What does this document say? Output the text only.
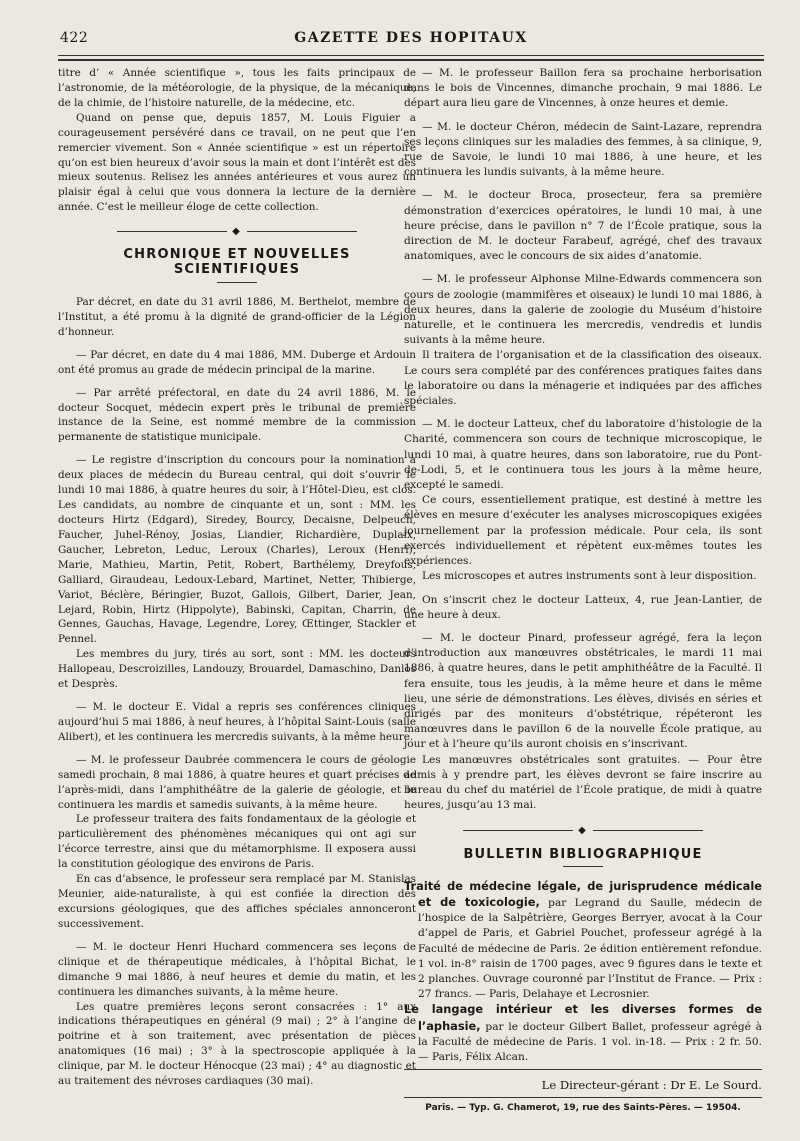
422	GAZETTE DES HOPITAUX

titre d’ « Année scientifique », tous les faits principaux de l’astronomie, de la météorologie, de la physique, de la mécanique, de la chimie, de l’histoire naturelle, de la médecine, etc.

Quand on pense que, depuis 1857, M. Louis Figuier a courageusement persévéré dans ce travail, on ne peut que l’en remercier vivement. Son « Année scientifique » est un répertoire qu’on est bien heureux d’avoir sous la main et dont l’intérêt est des mieux soutenus. Relisez les années antérieures et vous aurez un plaisir égal à celui que vous donnera la lecture de la dernière année. C’est le meilleur éloge de cette collection.

◆
CHRONIQUE ET NOUVELLES SCIENTIFIQUES

Par décret, en date du 31 avril 1886, M. Berthelot, membre de l’Institut, a été promu à la dignité de grand-officier de la Légion d’honneur.

— Par décret, en date du 4 mai 1886, MM. Duberge et Ardouin ont été promus au grade de médecin principal de la marine.

— Par arrêté préfectoral, en date du 24 avril 1886, M. le docteur Socquet, médecin expert près le tribunal de première instance de la Seine, est nommé membre de la commission permanente de statistique municipale.

— Le registre d’inscription du concours pour la nomination à deux places de médecin du Bureau central, qui doit s’ouvrir le lundi 10 mai 1886, à quatre heures du soir, à l’Hôtel-Dieu, est clos. Les candidats, au nombre de cinquante et un, sont : MM. les docteurs Hirtz (Edgard), Siredey, Bourcy, Decaisne, Delpeuch, Faucher, Juhel-Rénoy, Josias, Liandier, Richardière, Duplaix, Gaucher, Lebreton, Leduc, Leroux (Charles), Leroux (Henri), Marie, Mathieu, Martin, Petit, Robert, Barthélemy, Dreyfous, Galliard, Giraudeau, Ledoux-Lebard, Martinet, Netter, Thibierge, Variot, Béclère, Béringier, Buzot, Gallois, Gilbert, Darier, Jean, Lejard, Robin, Hirtz (Hippolyte), Babinski, Capitan, Charrin, de Gennes, Gauchas, Havage, Legendre, Lorey, Œttinger, Stackler et Pennel.

Les membres du jury, tirés au sort, sont : MM. les docteurs Hallopeau, Descroizilles, Landouzy, Brouardel, Damaschino, Danlos et Desprès.

— M. le docteur E. Vidal a repris ses conférences cliniques aujourd’hui 5 mai 1886, à neuf heures, à l’hôpital Saint-Louis (salle Alibert), et les continuera les mercredis suivants, à la même heure.

— M. le professeur Daubrée commencera le cours de géologie samedi prochain, 8 mai 1886, à quatre heures et quart précises de l’après-midi, dans l’amphithéâtre de la galerie de géologie, et le continuera les mardis et samedis suivants, à la même heure.

Le professeur traitera des faits fondamentaux de la géologie et particulièrement des phénomènes mécaniques qui ont agi sur l’écorce terrestre, ainsi que du métamorphisme. Il exposera aussi la constitution géologique des environs de Paris.

En cas d’absence, le professeur sera remplacé par M. Stanislas Meunier, aide-naturaliste, à qui est confiée la direction des excursions géologiques, que des affiches spéciales annonceront successivement.

— M. le docteur Henri Huchard commencera ses leçons de clinique et de thérapeutique médicales, à l’hôpital Bichat, le dimanche 9 mai 1886, à neuf heures et demie du matin, et les continuera les dimanches suivants, à la même heure.

Les quatre premières leçons seront consacrées : 1° aux indications thérapeutiques en général (9 mai) ; 2° à l’angine de poitrine et à son traitement, avec présentation de pièces anatomiques (16 mai) ; 3° à la spectroscopie appliquée à la clinique, par M. le docteur Hénocque (23 mai) ; 4° au diagnostic et au traitement des névroses cardiaques (30 mai).

— M. le professeur Baillon fera sa prochaine herborisation dans le bois de Vincennes, dimanche prochain, 9 mai 1886. Le départ aura lieu gare de Vincennes, à onze heures et demie.

— M. le docteur Chéron, médecin de Saint-Lazare, reprendra ses leçons cliniques sur les maladies des femmes, à sa clinique, 9, rue de Savoie, le lundi 10 mai 1886, à une heure, et les continuera les lundis suivants, à la même heure.

— M. le docteur Broca, prosecteur, fera sa première démonstration d’exercices opératoires, le lundi 10 mai, à une heure précise, dans le pavillon n° 7 de l’École pratique, sous la direction de M. le docteur Farabeuf, agrégé, chef des travaux anatomiques, avec le concours de six aides d’anatomie.

— M. le professeur Alphonse Milne-Edwards commencera son cours de zoologie (mammifères et oiseaux) le lundi 10 mai 1886, à deux heures, dans la galerie de zoologie du Muséum d’histoire naturelle, et le continuera les mercredis, vendredis et lundis suivants à la même heure.

Il traitera de l’organisation et de la classification des oiseaux. Le cours sera complété par des conférences pratiques faites dans le laboratoire ou dans la ménagerie et indiquées par des affiches spéciales.

— M. le docteur Latteux, chef du laboratoire d’histologie de la Charité, commencera son cours de technique microscopique, le lundi 10 mai, à quatre heures, dans son laboratoire, rue du Pont-de-Lodi, 5, et le continuera tous les jours à la même heure, excepté le samedi.

Ce cours, essentiellement pratique, est destiné à mettre les élèves en mesure d’exécuter les analyses microscopiques exigées journellement par la profession médicale. Pour cela, ils sont exercés individuellement et répètent eux-mêmes toutes les expériences.

Les microscopes et autres instruments sont à leur disposition.

On s’inscrit chez le docteur Latteux, 4, rue Jean-Lantier, de une heure à deux.

— M. le docteur Pinard, professeur agrégé, fera la leçon d’introduction aux manœuvres obstétricales, le mardi 11 mai 1886, à quatre heures, dans le petit amphithéâtre de la Faculté. Il fera ensuite, tous les jeudis, à la même heure et dans le même lieu, une série de démonstrations. Les élèves, divisés en séries et dirigés par des moniteurs d’obstétrique, répéteront les manœuvres dans le pavillon 6 de la nouvelle École pratique, au jour et à l’heure qu’ils auront choisis en s’inscrivant.

Les manœuvres obstétricales sont gratuites. — Pour être admis à y prendre part, les élèves devront se faire inscrire au bureau du chef du matériel de l’École pratique, de midi à quatre heures, jusqu’au 13 mai.

◆
BULLETIN BIBLIOGRAPHIQUE

Traité de médecine légale, de jurisprudence médicale et de toxicologie, par Legrand du Saulle, médecin de l’hospice de la Salpêtrière, Georges Berryer, avocat à la Cour d’appel de Paris, et Gabriel Pouchet, professeur agrégé à la Faculté de médecine de Paris. 2e édition entièrement refondue. 1 vol. in-8° raisin de 1700 pages, avec 9 figures dans le texte et 2 planches. Ouvrage couronné par l’Institut de France. — Prix : 27 francs. — Paris, Delahaye et Lecrosnier.

Le langage intérieur et les diverses formes de l’aphasie, par le docteur Gilbert Ballet, professeur agrégé à la Faculté de médecine de Paris. 1 vol. in-18. — Prix : 2 fr. 50. — Paris, Félix Alcan.

Le Directeur-gérant : Dr E. Le Sourd.
Paris. — Typ. G. Chamerot, 19, rue des Saints-Pères. — 19504.
